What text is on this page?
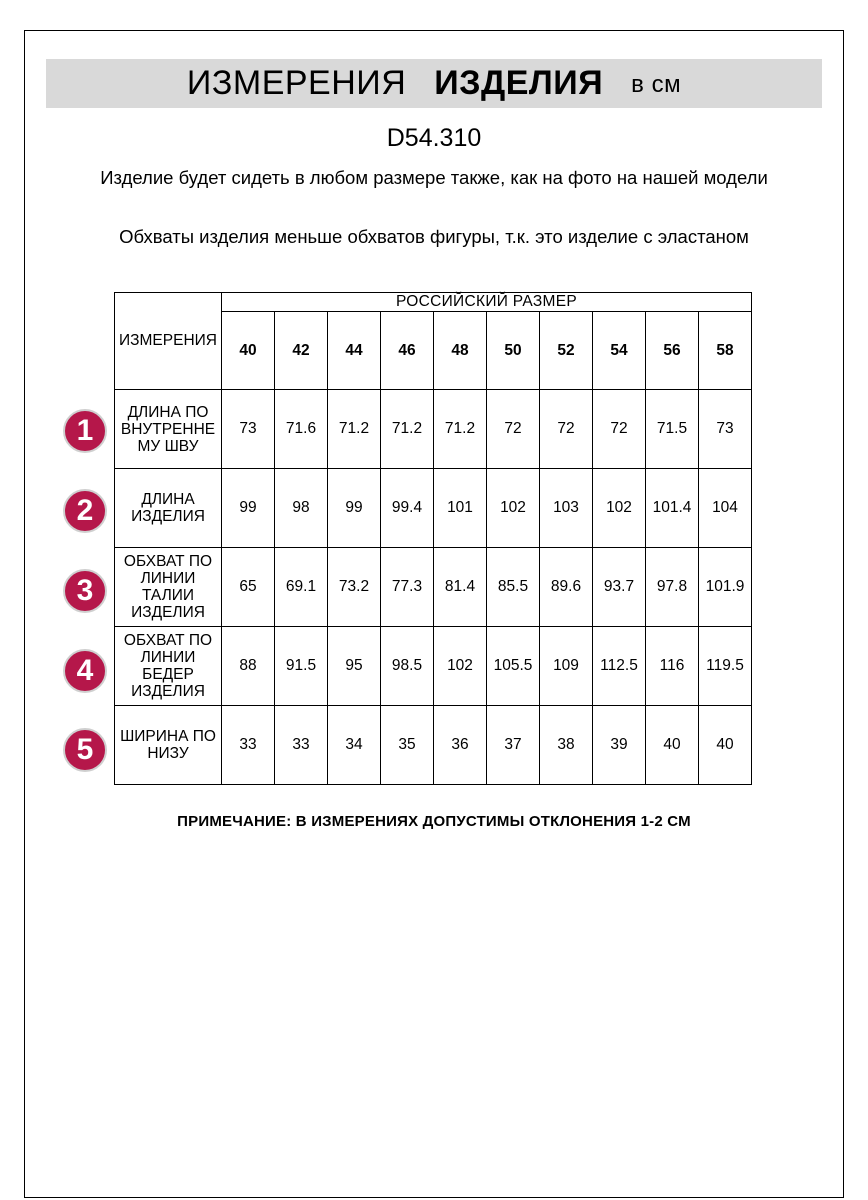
ИЗМЕРЕНИЯ ИЗДЕЛИЯ в см
D54.310
Изделие будет сидеть в любом размере также, как на фото на нашей модели
Обхваты изделия меньше обхватов фигуры, т.к. это изделие с эластаном
ИЗМЕРЕНИЯ	РОССИЙСКИЙ РАЗМЕР									
	40	42	44	46	48	50	52	54	56	58
ДЛИНА ПО ВНУТРЕННЕ МУ ШВУ	73	71.6	71.2	71.2	71.2	72	72	72	71.5	73
ДЛИНА ИЗДЕЛИЯ	99	98	99	99.4	101	102	103	102	101.4	104
ОБХВАТ ПО ЛИНИИ ТАЛИИ ИЗДЕЛИЯ	65	69.1	73.2	77.3	81.4	85.5	89.6	93.7	97.8	101.9
ОБХВАТ ПО ЛИНИИ БЕДЕР ИЗДЕЛИЯ	88	91.5	95	98.5	102	105.5	109	112.5	116	119.5
ШИРИНА ПО НИЗУ	33	33	34	35	36	37	38	39	40	40
1
2
3
4
5
ПРИМЕЧАНИЕ: В ИЗМЕРЕНИЯХ ДОПУСТИМЫ ОТКЛОНЕНИЯ 1-2 СМ
